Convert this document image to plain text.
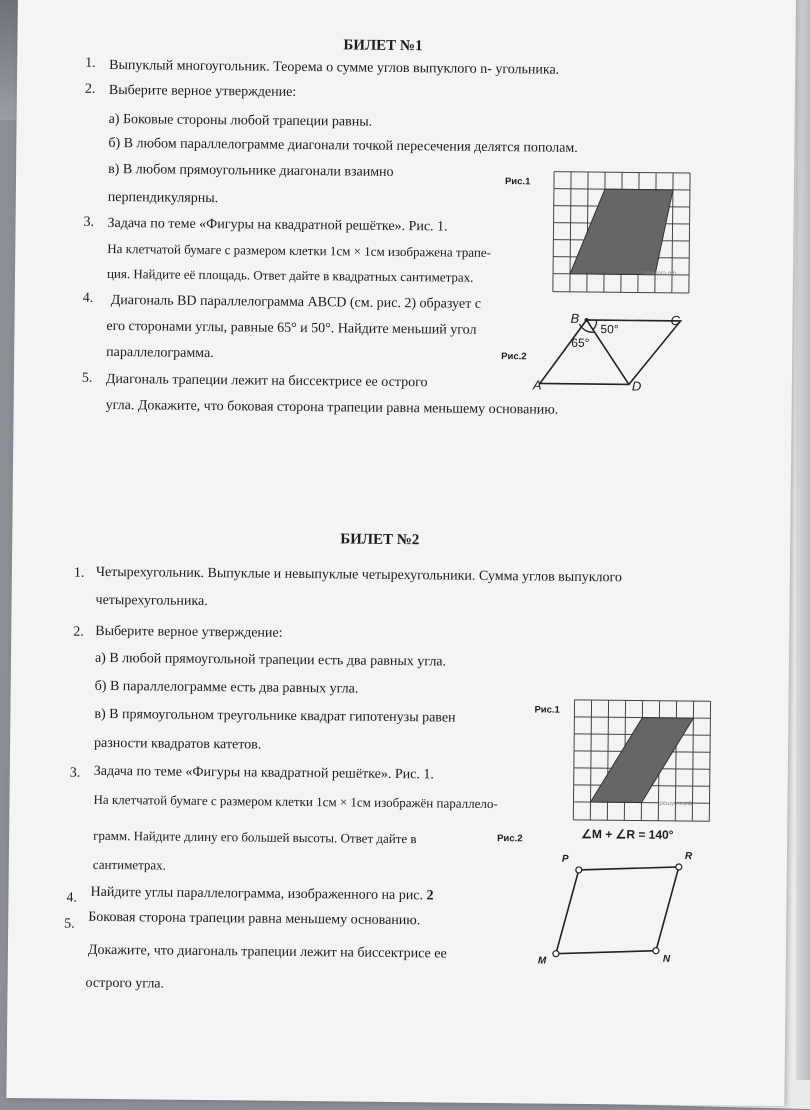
БИЛЕТ №1
1. Выпуклый многоугольник. Теорема о сумме углов выпуклого n- угольника.
2. Выберите верное утверждение:
а) Боковые стороны любой трапеции равны.
б) В любом параллелограмме диагонали точкой пересечения делятся пополам.
в) В любом прямоугольнике диагонали взаимно
перпендикулярны.
3. Задача по теме «Фигуры на квадратной решётке». Рис. 1.
На клетчатой бумаге с размером клетки 1см × 1см изображена трапе-
ция. Найдите её площадь. Ответ дайте в квадратных сантиметрах.
4. Диагональ BD параллелограмма ABCD (см. рис. 2) образует с
его сторонами углы, равные 65° и 50°. Найдите меньший угол
параллелограмма.
5. Диагональ трапеции лежит на биссектрисе ее острого
угла. Докажите, что боковая сторона трапеции равна меньшему основанию.
Рис.1
решуогэ.рф
Рис.2
B	C
A	D
50°
65°
БИЛЕТ №2
1. Четырехугольник. Выпуклые и невыпуклые четырехугольники. Сумма углов выпуклого
четырехугольника.
2. Выберите верное утверждение:
а) В любой прямоугольной трапеции есть два равных угла.
б) В параллелограмме есть два равных угла.
в) В прямоугольном треугольнике квадрат гипотенузы равен
разности квадратов катетов.
3. Задача по теме «Фигуры на квадратной решётке». Рис. 1.
На клетчатой бумаге с размером клетки 1см × 1см изображён параллело-
грамм. Найдите длину его большей высоты. Ответ дайте в
сантиметрах.
4. Найдите углы параллелограмма, изображенного на рис. 2
5. Боковая сторона трапеции равна меньшему основанию.
Докажите, что диагональ трапеции лежит на биссектрисе ее
острого угла.
Рис.1
решуогэ.рф
Рис.2	∠M + ∠R = 140°
P	R
M	N
